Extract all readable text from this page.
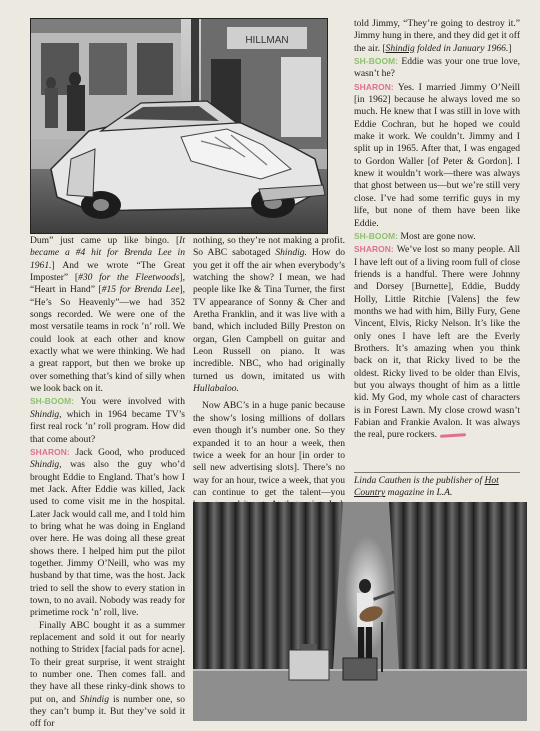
HILLMAN

Dum” just came up like bingo. [It became a #4 hit for Brenda Lee in 1961.] And we wrote “The Great Imposter” [#30 for the Fleetwoods], “Heart in Hand” [#15 for Brenda Lee], “He’s So Heavenly”—we had 352 songs recorded. We were one of the most versatile teams in rock ’n’ roll. We could look at each other and know exactly what we were thinking. We had a great rapport, but then we broke up over something that’s kind of silly when we look back on it.

SH-BOOM: You were involved with Shindig, which in 1964 became TV’s first real rock ’n’ roll program. How did that come about?

SHARON: Jack Good, who produced Shindig, was also the guy who’d brought Eddie to England. That’s how I met Jack. After Eddie was killed, Jack used to come visit me in the hospital. Later Jack would call me, and I told him to bring what he was doing in England over here. He was doing all these great shows there. I helped him put the pilot together. Jimmy O’Neill, who was my husband by that time, was the host. Jack tried to sell the show to every station in town, to no avail. Nobody was ready for primetime rock ’n’ roll, live.

Finally ABC bought it as a summer replacement and sold it out for nearly nothing to Stridex [facial pads for acne]. To their great surprise, it went straight to number one. Then comes fall. and they have all these rinky-dink shows to put on, and Shindig is number one, so they can’t bump it. But they’ve sold it off for

nothing, so they’re not making a profit. So ABC sabotaged Shindig. How do you get it off the air when everybody’s watching the show? I mean, we had people like Ike & Tina Turner, the first TV appearance of Sonny & Cher and Aretha Franklin, and it was live with a band, which included Billy Preston on organ, Glen Campbell on guitar and Leon Russell on piano. It was incredible. NBC, who had originally turned us down, imitated us with Hullabaloo.

Now ABC’s in a huge panic because the show’s losing millions of dollars even though it’s number one. So they expanded it to an hour a week, then twice a week for an hour [in order to sell new advertising slots]. There’s no way for an hour, twice a week, that you can continue to get the talent—you

told Jimmy, “They’re going to destroy it.” Jimmy hung in there, and they did get it off the air. [Shindig folded in January 1966.]

SH-BOOM: Eddie was your one true love, wasn’t he?

SHARON: Yes. I married Jimmy O’Neill [in 1962] because he always loved me so much. He knew that I was still in love with Eddie Cochran, but he hoped we could make it work. We couldn’t. Jimmy and I split up in 1965. After that, I was engaged to Gordon Waller [of Peter & Gordon]. I knew it wouldn’t work—there was always that ghost between us—but we’re still very close. I’ve had some terrific guys in my life, but none of them have been like Eddie.

SH-BOOM: Most are gone now.

SHARON: We’ve lost so many people. All I have left out of a living room full of close friends is a handful. There were Johnny and Dorsey [Burnette], Eddie, Buddy Holly, Little Ritchie [Valens] the few months we had with him, Billy Fury, Gene Vincent, Elvis, Ricky Nelson. It’s like the only ones I have left are the Everly Brothers. It’s amazing when you think back on it, that Ricky lived to be the oldest. Ricky lived to be older than Elvis, but you always thought of him as a little kid. My God, my whole cast of characters is in Forest Lawn. My close crowd wasn’t Fabian and Frankie Avalon. It was always the real, pure rockers.

Linda Cauthen is the publisher of Hot Country magazine in L.A.
